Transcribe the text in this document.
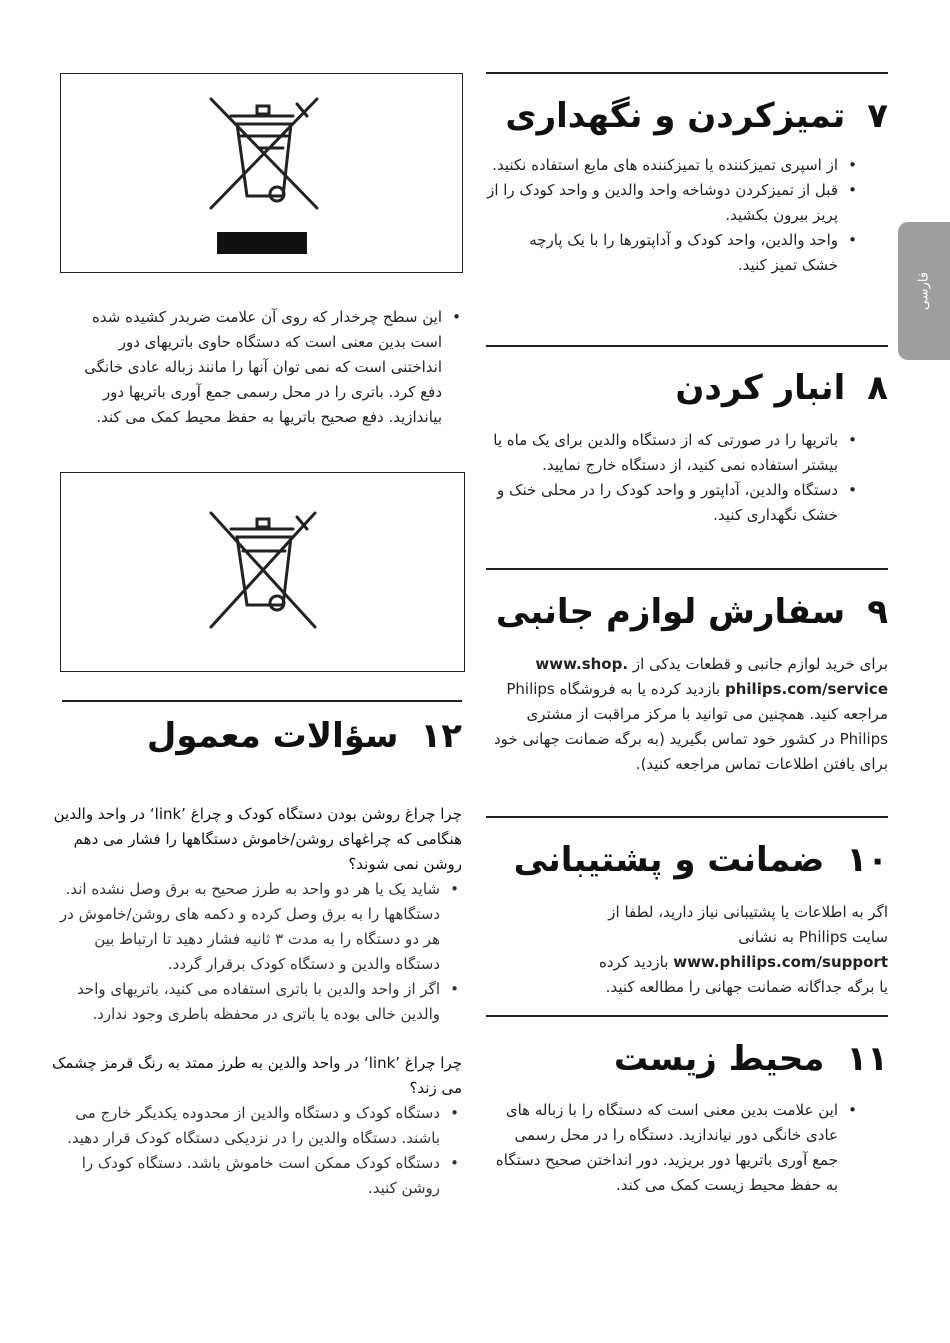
فارسی
۷تمیزکردن و نگهداری
• از اسپری تمیزکننده یا تمیزکننده های مایع استفاده نکنید.
• قبل از تمیزکردن دوشاخه واحد والدین و واحد کودک را از پریز بیرون بکشید.
• واحد والدین، واحد کودک و آداپتورها را با یک پارچه خشک تمیز کنید.
۸انبار کردن
• باتریها را در صورتی که از دستگاه والدین برای یک ماه یا بیشتر استفاده نمی کنید، از دستگاه خارج نمایید.
• دستگاه والدین، آداپتور و واحد کودک را در محلی خنک و خشک نگهداری کنید.
۹سفارش لوازم جانبی
برای خرید لوازم جانبی و قطعات یدکی از www.shop. philips.com/service بازدید کرده یا به فروشگاه Philips مراجعه کنید. همچنین می توانید با مرکز مراقبت از مشتری Philips در کشور خود تماس بگیرید (به برگه ضمانت جهانی خود برای یافتن اطلاعات تماس مراجعه کنید).
۱۰ضمانت و پشتیبانی
اگر به اطلاعات یا پشتیبانی نیاز دارید، لطفا از سایت Philips به نشانی www.philips.com/support بازدید کرده یا برگه جداگانه ضمانت جهانی را مطالعه کنید.
۱۱محیط زیست
• این علامت بدین معنی است که دستگاه را با زباله های عادی خانگی دور نیاندازید. دستگاه را در محل رسمی جمع آوری باتریها دور بریزید. دور انداختن صحیح دستگاه به حفظ محیط زیست کمک می کند.
• این سطح چرخدار که روی آن علامت ضربدر کشیده شده است بدین معنی است که دستگاه حاوی باتریهای دور انداختنی است که نمی توان آنها را مانند زباله عادی خانگی دفع کرد. باتری را در محل رسمی جمع آوری باتریها دور بیاندازید. دفع صحیح باتریها به حفظ محیط کمک می کند.
۱۲سؤالات معمول
چرا چراغ روشن بودن دستگاه کودک و چراغ ‘link’ در واحد والدین هنگامی که چراغهای روشن/خاموش دستگاهها را فشار می دهم روشن نمی شوند؟
• شاید یک یا هر دو واحد به طرز صحیح به برق وصل نشده اند. دستگاهها را به برق وصل کرده و دکمه های روشن/خاموش در هر دو دستگاه را به مدت ۳ ثانیه فشار دهید تا ارتباط بین دستگاه والدین و دستگاه کودک برقرار گردد.
• اگر از واحد والدین با باتری استفاده می کنید، باتریهای واحد والدین خالی بوده یا باتری در محفظه باطری وجود ندارد.
چرا چراغ ‘link’ در واحد والدین به طرز ممتد به رنگ قرمز چشمک می زند؟
• دستگاه کودک و دستگاه والدین از محدوده یکدیگر خارج می باشند. دستگاه والدین را در نزدیکی دستگاه کودک قرار دهید.
• دستگاه کودک ممکن است خاموش باشد. دستگاه کودک را روشن کنید.
